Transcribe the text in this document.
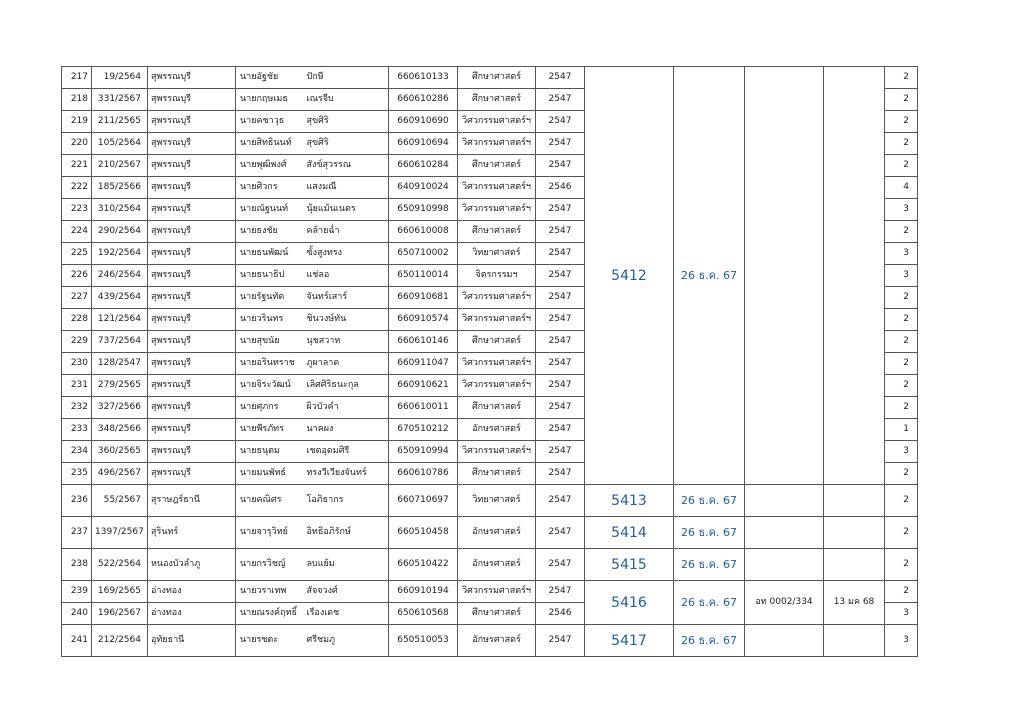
217	19/2564	สุพรรณบุรี	นายอัฐชัย	ปักษี	660610133	ศึกษาศาสตร์	2547	5412	26 ธ.ค. 67			2
218	331/2567	สุพรรณบุรี	นายกฤษเมธ	เณรจีบ	660610286	ศึกษาศาสตร์	2547					2
219	211/2565	สุพรรณบุรี	นายคชาวุธ	สุขศิริ	660910690	วิศวกรรมศาสตร์ฯ	2547					2
220	105/2564	สุพรรณบุรี	นายสิทธินนท์	สุขศิริ	660910694	วิศวกรรมศาสตร์ฯ	2547					2
221	210/2567	สุพรรณบุรี	นายพุฒิพงศ์	สังข์สุวรรณ	660610284	ศึกษาศาสตร์	2547					2
222	185/2566	สุพรรณบุรี	นายศิวกร	แสงมณี	640910024	วิศวกรรมศาสตร์ฯ	2546					4
223	310/2564	สุพรรณบุรี	นายณัฐนนท์	นุ้ยแม้นเนตร	650910998	วิศวกรรมศาสตร์ฯ	2547					3
224	290/2564	สุพรรณบุรี	นายธงชัย	คล้ายฉ่ำ	660610008	ศึกษาศาสตร์	2547					2
225	192/2564	สุพรรณบุรี	นายธนพัฒน์	ซั้งสูงทรง	650710002	วิทยาศาสตร์	2547					3
226	246/2564	สุพรรณบุรี	นายธนาธิป	แช่ลอ	650110014	จิตรกรรมฯ	2547					3
227	439/2564	สุพรรณบุรี	นายรัฐนทัต	จันทร์เสาร์	660910681	วิศวกรรมศาสตร์ฯ	2547					2
228	121/2564	สุพรรณบุรี	นายวรินทร	ชินวงษ์ทัน	660910574	วิศวกรรมศาสตร์ฯ	2547					2
229	737/2564	สุพรรณบุรี	นายสุขนัย	นุชสวาท	660610146	ศึกษาศาสตร์	2547					2
230	128/2547	สุพรรณบุรี	นายอรินทราช	ภูผาลาด	660911047	วิศวกรรมศาสตร์ฯ	2547					2
231	279/2565	สุพรรณบุรี	นายจิระวัฒน์	เลิศศิริธนะกุล	660910621	วิศวกรรมศาสตร์ฯ	2547					2
232	327/2566	สุพรรณบุรี	นายศุภกร	ผิวบัวคำ	660610011	ศึกษาศาสตร์	2547					2
233	348/2566	สุพรรณบุรี	นายพีรภัทร	นาคผง	670510212	อักษรศาสตร์	2547					1
234	360/2565	สุพรรณบุรี	นายธนุตม	เชตอุดมศิรี	650910994	วิศวกรรมศาสตร์ฯ	2547					3
235	496/2567	สุพรรณบุรี	นายมนพัทธ์	ทรงวีเวียงจันทร์	660610786	ศึกษาศาสตร์	2547					2
236	55/2567	สุราษฎร์ธานี	นายคณิศร	โอภิธากร	660710697	วิทยาศาสตร์	2547	5413	26 ธ.ค. 67			2
237	1397/2567	สุรินทร์	นายจารุวิทย์	อิทธิอภิรักษ์	660510458	อักษรศาสตร์	2547	5414	26 ธ.ค. 67			2
238	522/2564	หนองบัวลำภู	นายกรวิชญ์	ลบแย้ม	660510422	อักษรศาสตร์	2547	5415	26 ธ.ค. 67			2
239	169/2565	อ่างทอง	นายวราเทพ	สัจจวงศ์	660910194	วิศวกรรมศาสตร์ฯ	2547	5416	26 ธ.ค. 67	อท 0002/334	13 มค 68	2
240	196/2567	อ่างทอง	นายณรงค์ฤทธิ์	เรืองเดช	650610568	ศึกษาศาสตร์	2546					3
241	212/2564	อุทัยธานี	นายรชตะ	ศรีชมภู	650510053	อักษรศาสตร์	2547	5417	26 ธ.ค. 67			3
